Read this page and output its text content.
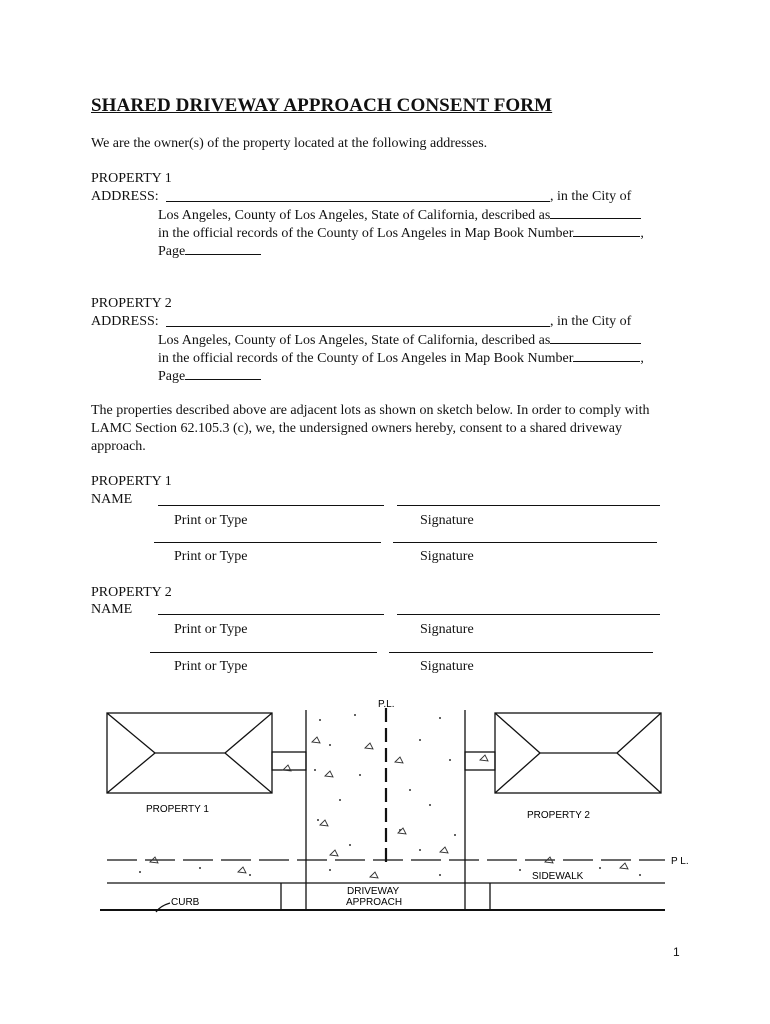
SHARED DRIVEWAY APPROACH CONSENT FORM
We are the owner(s) of the property located at the following addresses.
PROPERTY 1
ADDRESS:	, in the City of
Los Angeles, County of Los Angeles, State of California, described as
in the official records of the County of Los Angeles in Map Book Number	,
Page
PROPERTY 2
ADDRESS:	, in the City of
Los Angeles, County of Los Angeles, State of California, described as
in the official records of the County of Los Angeles in Map Book Number	,
Page
The properties described above are adjacent lots as shown on sketch below. In order to comply with LAMC Section 62.105.3 (c), we, the undersigned owners hereby, consent to a shared driveway approach.
PROPERTY 1
NAME
Print or Type	Signature
Print or Type	Signature
PROPERTY 2
NAME
Print or Type	Signature
Print or Type	Signature
P.L.
PROPERTY 1
PROPERTY 2
P L.
SIDEWALK
CURB
DRIVEWAY
APPROACH
1
